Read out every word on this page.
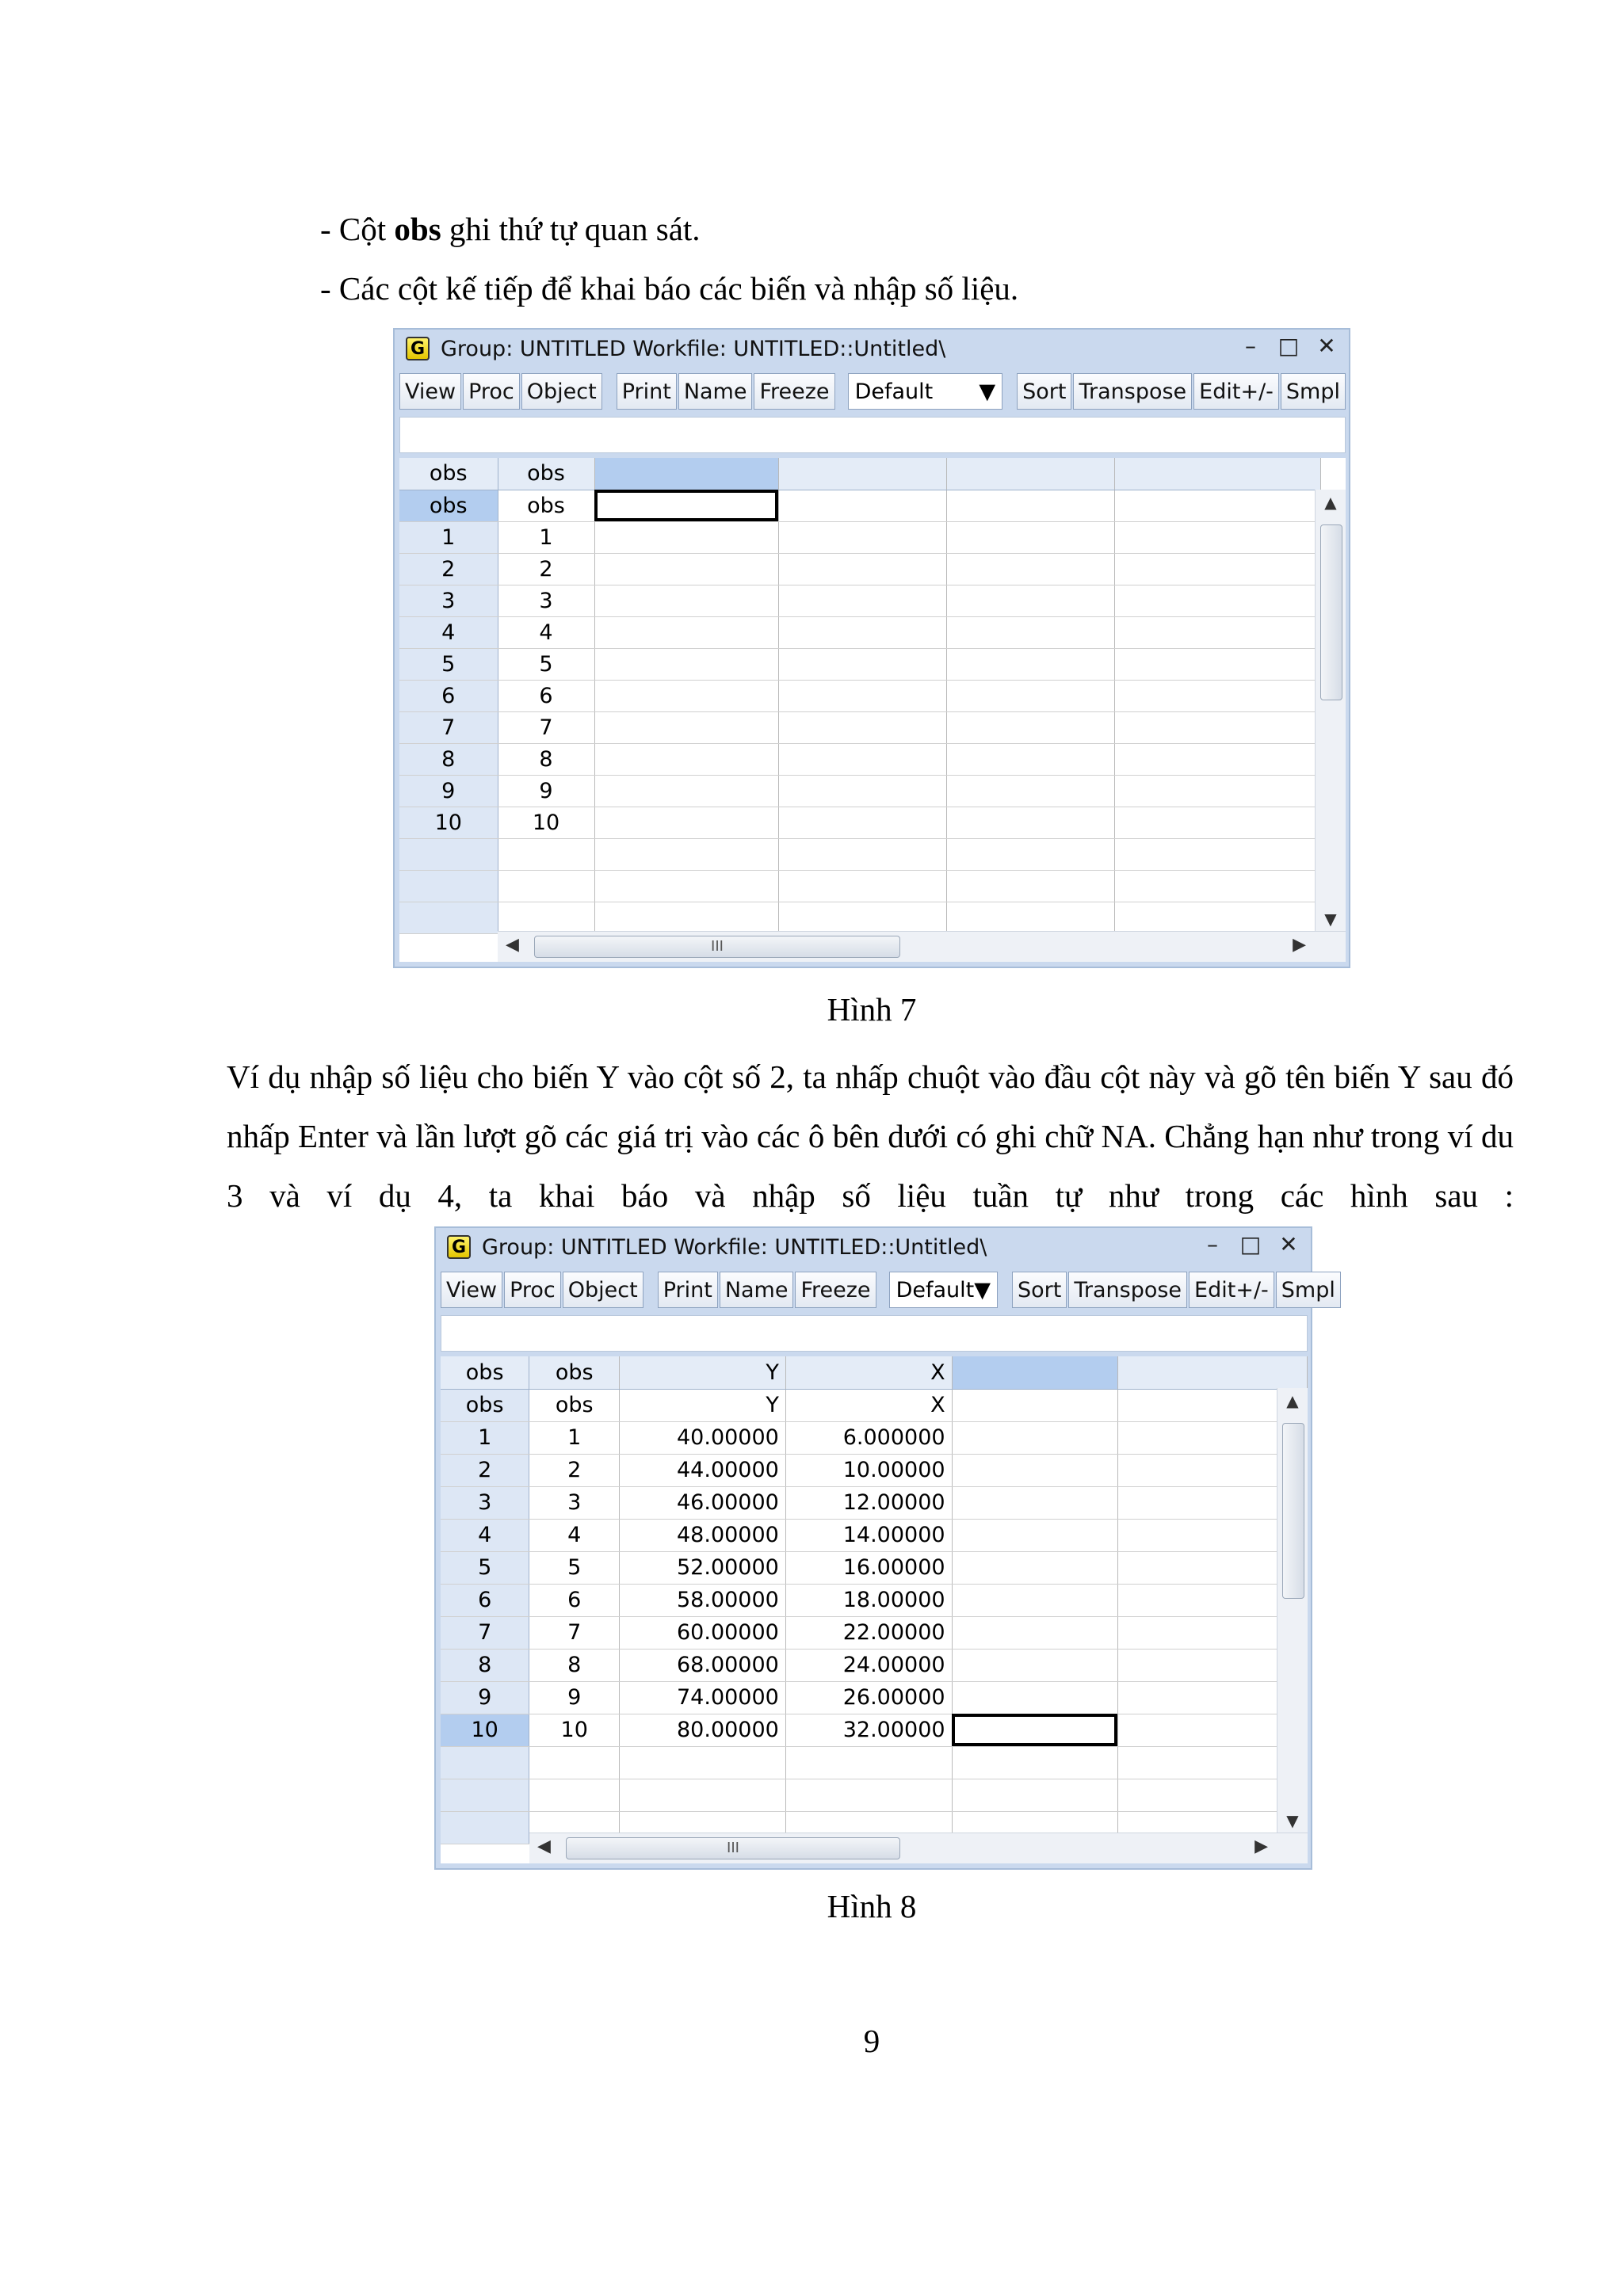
- Cột obs ghi thứ tự quan sát.
- Các cột kế tiếp để khai báo các biến và nhập số liệu.
G Group: UNTITLED Workfile: UNTITLED::Untitled\	– □ ✕
View Proc Object Print Name Freeze Default ▼ Sort Transpose Edit+/- Smpl
obs	obs				
obs	obs				
1	1				
2	2				
3	3				
4	4				
5	5				
6	6				
7	7				
8	8				
9	9				
10	10				

▲
▼
◀	III	▶
Hình 7
Ví dụ nhập số liệu cho biến Y vào cột số 2, ta nhấp chuột vào đầu cột này và gõ tên biến Y sau đó nhấp Enter và lần lượt gõ các giá trị vào các ô bên dưới có ghi chữ NA. Chẳng hạn như trong ví du 3 và ví dụ 4, ta khai báo và nhập số liệu tuần tự như trong các hình sau :
G Group: UNTITLED Workfile: UNTITLED::Untitled\	– □ ✕
View Proc Object Print Name Freeze Default ▼ Sort Transpose Edit+/- Smpl
obs	obs	Y	X		
obs	obs	Y	X		
1	1	40.00000	6.000000		
2	2	44.00000	10.00000		
3	3	46.00000	12.00000		
4	4	48.00000	14.00000		
5	5	52.00000	16.00000		
6	6	58.00000	18.00000		
7	7	60.00000	22.00000		
8	8	68.00000	24.00000		
9	9	74.00000	26.00000		
10	10	80.00000	32.00000		

▲
▼
◀	III	▶
Hình 8
9
